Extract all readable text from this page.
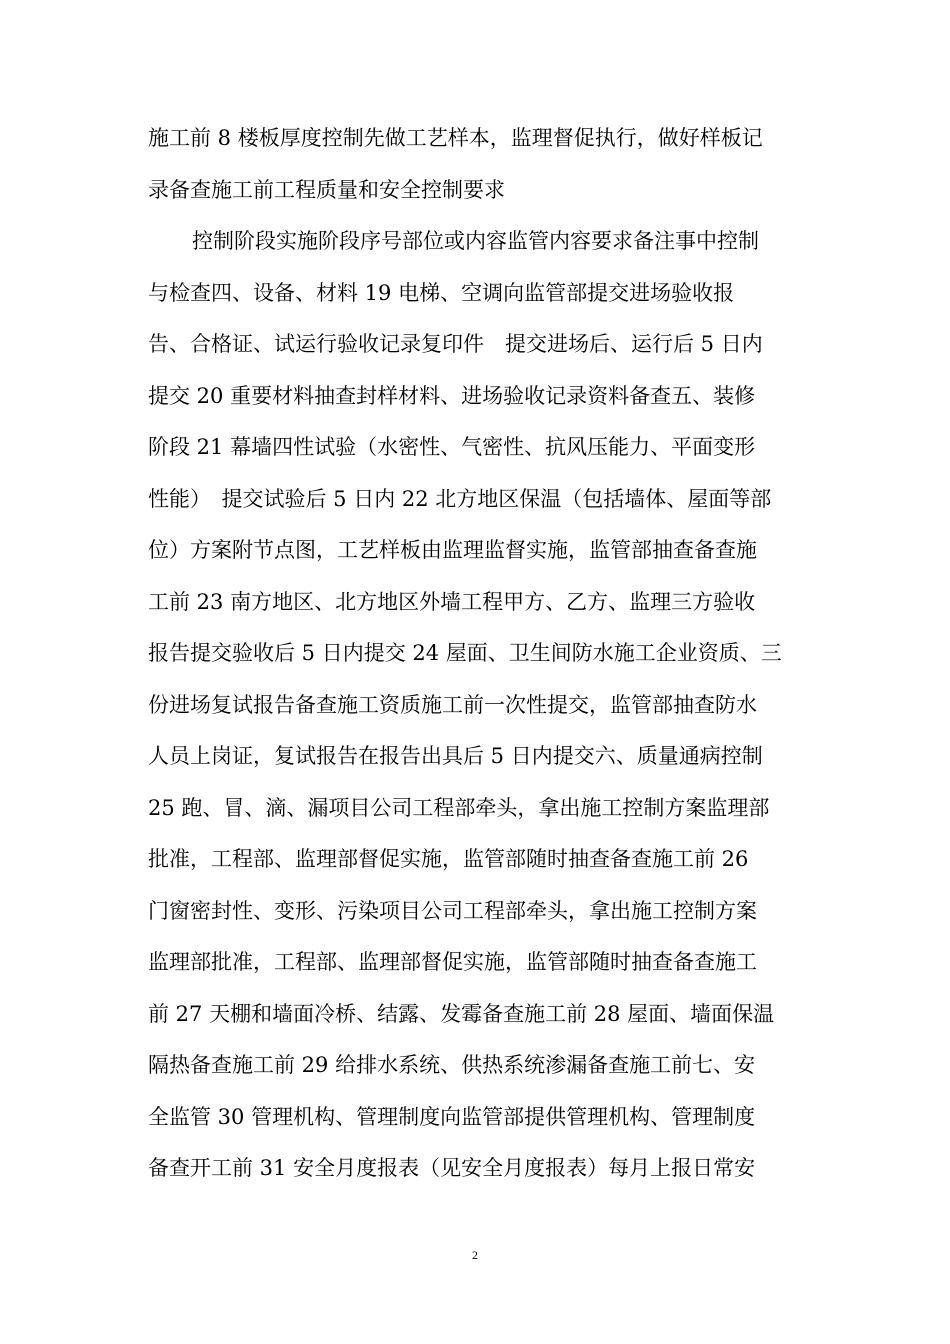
施工前 8 楼板厚度控制先做工艺样本，监理督促执行，做好样板记
录备查施工前工程质量和安全控制要求
控制阶段实施阶段序号部位或内容监管内容要求备注事中控制
与检查四、设备、材料 19 电梯、空调向监管部提交进场验收报
告、合格证、试运行验收记录复印件　提交进场后、运行后 5 日内
提交 20 重要材料抽查封样材料、进场验收记录资料备查五、装修
阶段 21 幕墙四性试验（水密性、气密性、抗风压能力、平面变形
性能）　提交试验后 5 日内 22 北方地区保温（包括墙体、屋面等部
位）方案附节点图，工艺样板由监理监督实施，监管部抽查备查施
工前 23 南方地区、北方地区外墙工程甲方、乙方、监理三方验收
报告提交验收后 5 日内提交 24 屋面、卫生间防水施工企业资质、三
份进场复试报告备查施工资质施工前一次性提交，监管部抽查防水
人员上岗证，复试报告在报告出具后 5 日内提交六、质量通病控制
25 跑、冒、滴、漏项目公司工程部牵头，拿出施工控制方案监理部
批准，工程部、监理部督促实施，监管部随时抽查备查施工前 26
门窗密封性、变形、污染项目公司工程部牵头，拿出施工控制方案
监理部批准，工程部、监理部督促实施，监管部随时抽查备查施工
前 27 天棚和墙面冷桥、结露、发霉备查施工前 28 屋面、墙面保温
隔热备查施工前 29 给排水系统、供热系统渗漏备查施工前七、安
全监管 30 管理机构、管理制度向监管部提供管理机构、管理制度
备查开工前 31 安全月度报表（见安全月度报表）每月上报日常安
2
